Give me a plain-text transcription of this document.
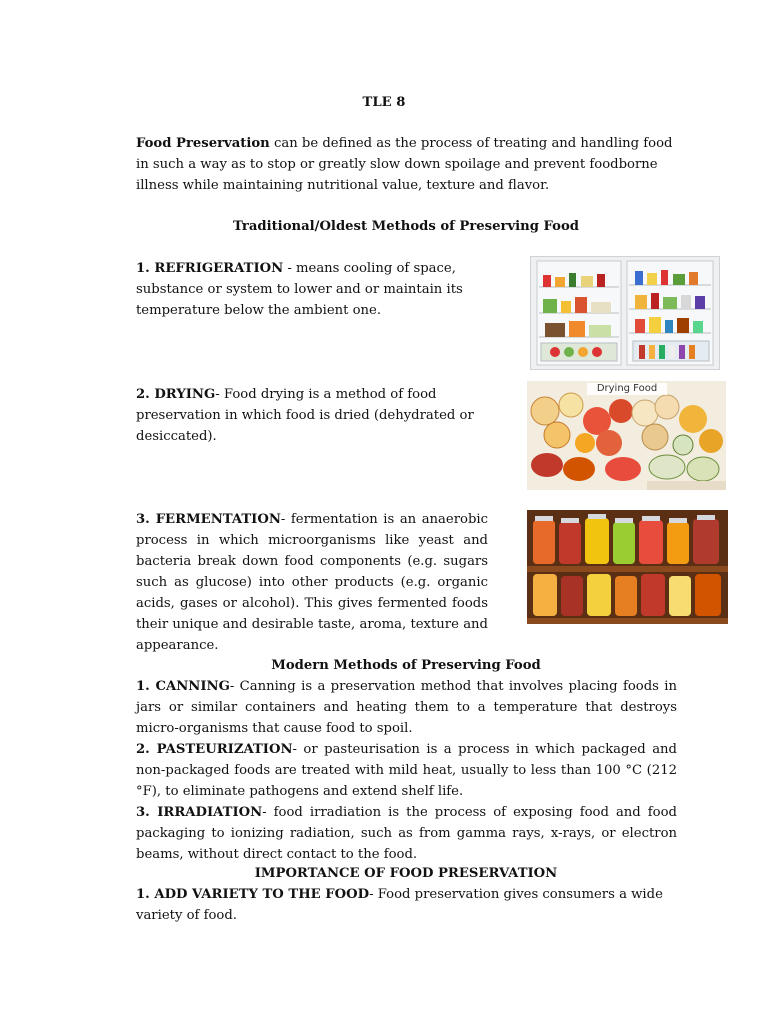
TLE 8
Food Preservation can be defined as the process of treating and handling food in such a way as to stop or greatly slow down spoilage and prevent foodborne illness while maintaining nutritional value, texture and flavor.
Traditional/Oldest Methods of Preserving Food
1. REFRIGERATION - means cooling of space, substance or system to lower and or maintain its temperature below the ambient one.
2. DRYING- Food drying is a method of food preservation in which food is dried (dehydrated or desiccated).
3. FERMENTATION- fermentation is an anaerobic process in which microorganisms like yeast and bacteria break down food components (e.g. sugars such as glucose) into other products (e.g. organic acids, gases or alcohol). This gives fermented foods their unique and desirable taste, aroma, texture and appearance.
Drying Food
Modern Methods of Preserving Food

1. CANNING- Canning is a preservation method that involves placing foods in jars or similar containers and heating them to a temperature that destroys micro-organisms that cause food to spoil.

2. PASTEURIZATION- or pasteurisation is a process in which packaged and non-packaged foods are treated with mild heat, usually to less than 100 °C (212 °F), to eliminate pathogens and extend shelf life.

3. IRRADIATION- food irradiation is the process of exposing food and food packaging to ionizing radiation, such as from gamma rays, x-rays, or electron beams, without direct contact to the food.

IMPORTANCE OF FOOD PRESERVATION

1. ADD VARIETY TO THE FOOD- Food preservation gives consumers a wide variety of food.
